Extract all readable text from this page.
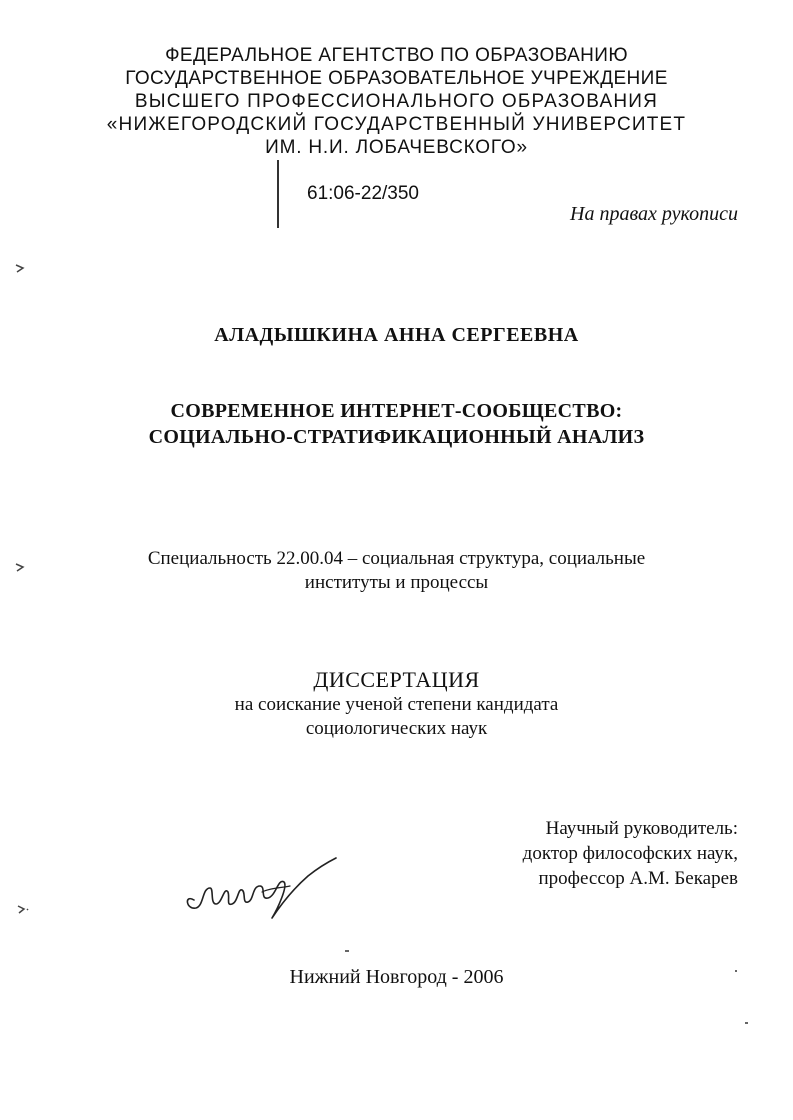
ФЕДЕРАЛЬНОЕ АГЕНТСТВО ПО ОБРАЗОВАНИЮ
ГОСУДАРСТВЕННОЕ ОБРАЗОВАТЕЛЬНОЕ УЧРЕЖДЕНИЕ
ВЫСШЕГО ПРОФЕССИОНАЛЬНОГО ОБРАЗОВАНИЯ
«НИЖЕГОРОДСКИЙ ГОСУДАРСТВЕННЫЙ УНИВЕРСИТЕТ
ИМ. Н.И. ЛОБАЧЕВСКОГО»
61:06-22/350
На правах рукописи
АЛАДЫШКИНА АННА СЕРГЕЕВНА
СОВРЕМЕННОЕ ИНТЕРНЕТ-СООБЩЕСТВО:
СОЦИАЛЬНО-СТРАТИФИКАЦИОННЫЙ АНАЛИЗ
Специальность 22.00.04 – социальная структура, социальные
институты и процессы
ДИССЕРТАЦИЯ
на соискание ученой степени кандидата
социологических наук
Научный руководитель:
доктор философских наук,
профессор А.М. Бекарев
Нижний Новгород - 2006
